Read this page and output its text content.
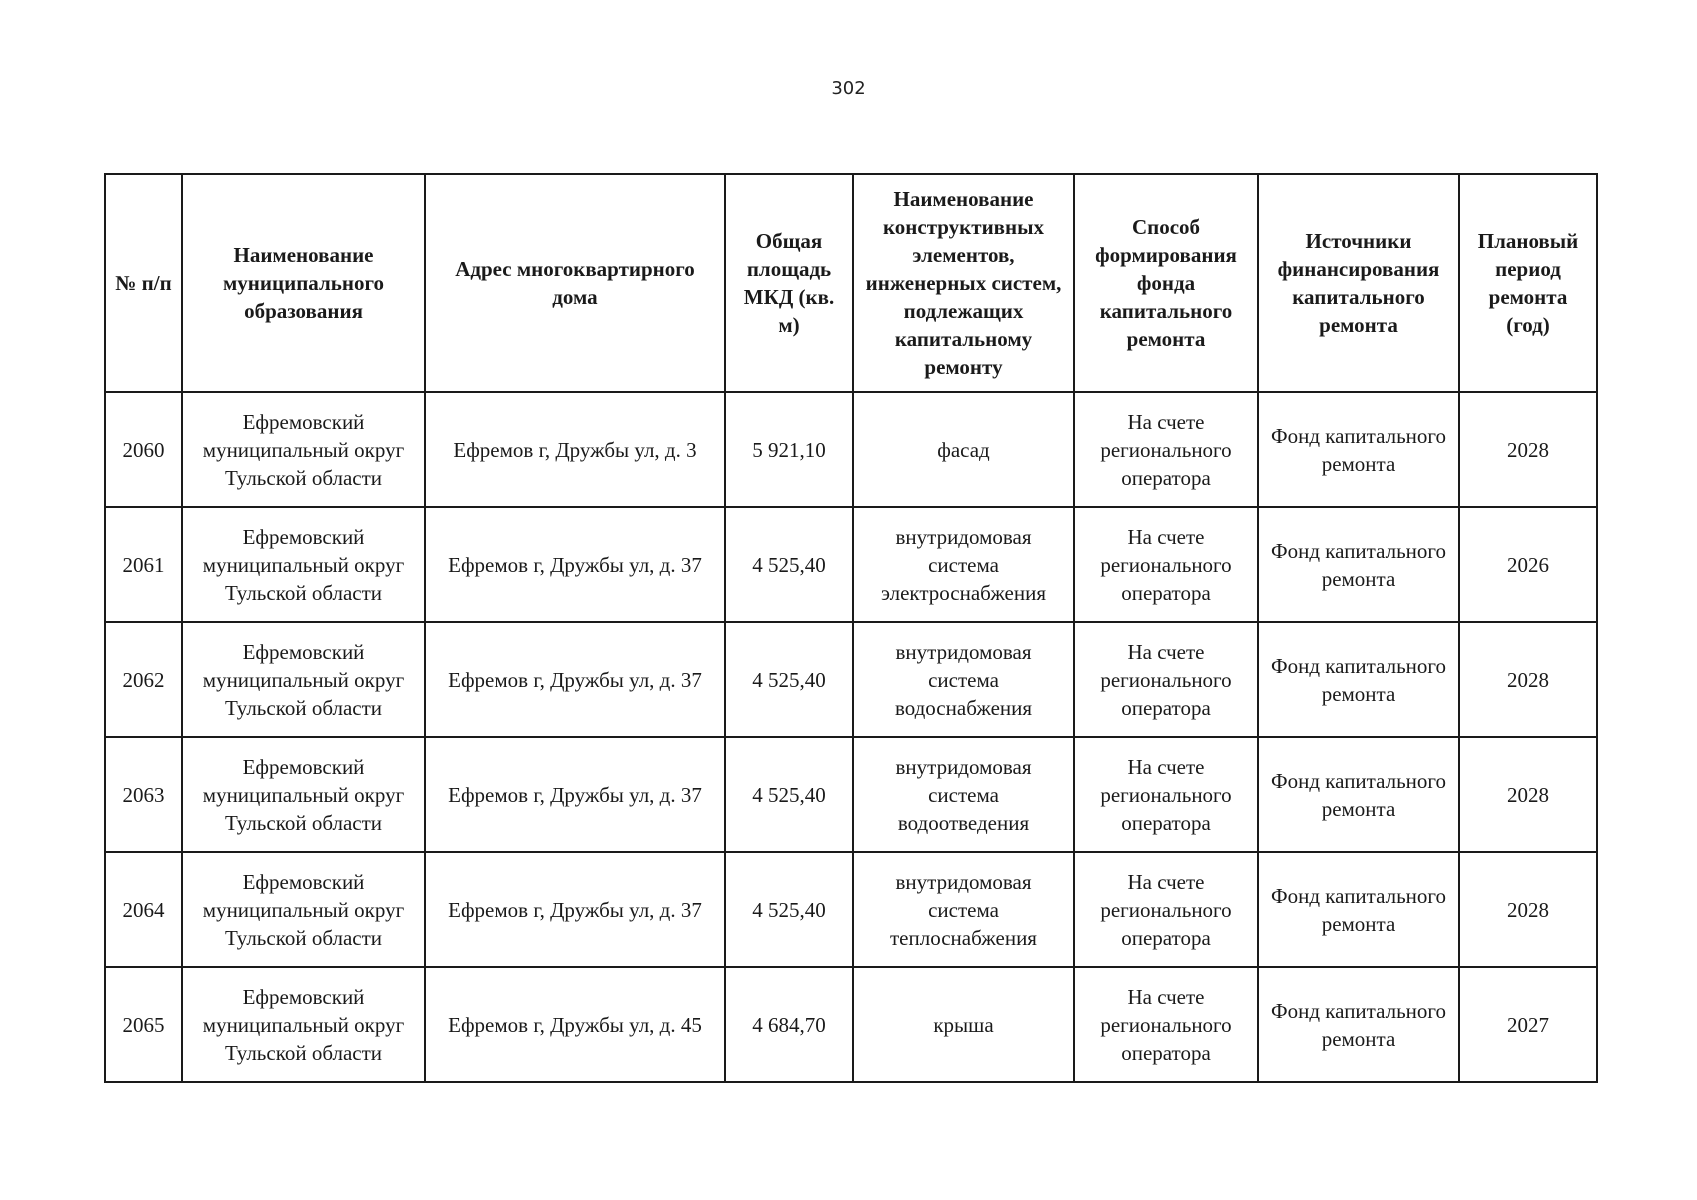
302
№ п/п	Наименование муниципального образования	Адрес многоквартирного дома	Общая площадь МКД (кв. м)	Наименование конструктивных элементов, инженерных систем, подлежащих капитальному ремонту	Способ формирования фонда капитального ремонта	Источники финансирования капитального ремонта	Плановый период ремонта (год)
2060	Ефремовский муниципальный округ Тульской области	Ефремов г, Дружбы ул, д. 3	5 921,10	фасад	На счете регионального оператора	Фонд капитального ремонта	2028
2061	Ефремовский муниципальный округ Тульской области	Ефремов г, Дружбы ул, д. 37	4 525,40	внутридомовая система электроснабжения	На счете регионального оператора	Фонд капитального ремонта	2026
2062	Ефремовский муниципальный округ Тульской области	Ефремов г, Дружбы ул, д. 37	4 525,40	внутридомовая система водоснабжения	На счете регионального оператора	Фонд капитального ремонта	2028
2063	Ефремовский муниципальный округ Тульской области	Ефремов г, Дружбы ул, д. 37	4 525,40	внутридомовая система водоотведения	На счете регионального оператора	Фонд капитального ремонта	2028
2064	Ефремовский муниципальный округ Тульской области	Ефремов г, Дружбы ул, д. 37	4 525,40	внутридомовая система теплоснабжения	На счете регионального оператора	Фонд капитального ремонта	2028
2065	Ефремовский муниципальный округ Тульской области	Ефремов г, Дружбы ул, д. 45	4 684,70	крыша	На счете регионального оператора	Фонд капитального ремонта	2027
